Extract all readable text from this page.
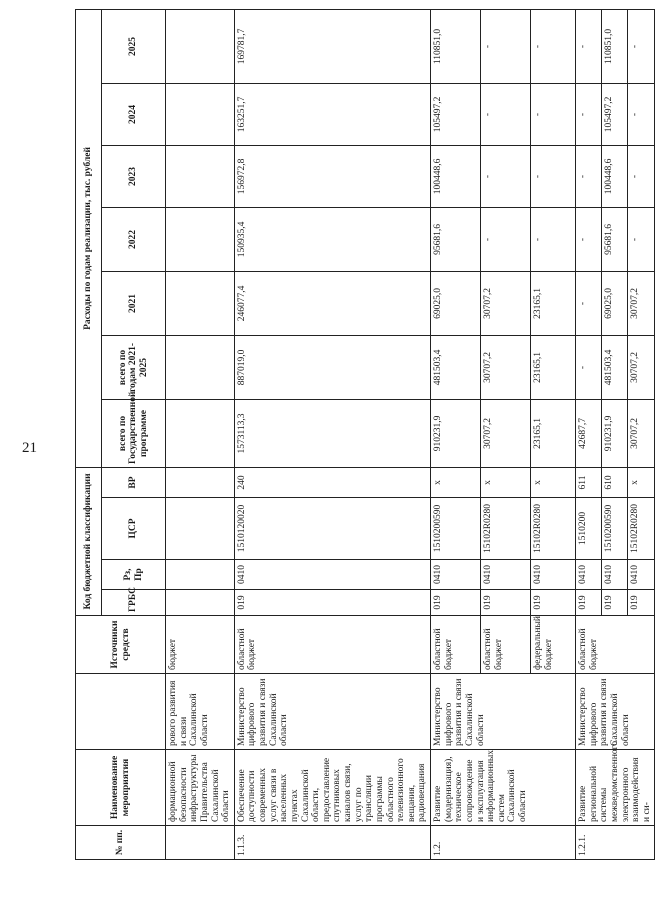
21
№ пп.	Наименование мероприятия		Источники средств	Код бюджетной классификации				Расходы по годам реализации, тыс. рублей						
				ГРБС	Рз, Пр	ЦСР	ВР	всего по Государственной программе	всего по годам 2021-2025	2021	2022	2023	2024	2025
	формационной безопасности инфраструктуры Правительства Сахалинской области	рового развития и связи Сахалинской области	бюджет											
1.1.3.	Обеспечение доступности современных услуг связи в населенных пунктах Сахалинской области, предоставление спутниковых каналов связи, услуг по трансляции программы областного телевизионного вещания, радиовещания	Министерство цифрового развития и связи Сахалинской области	областной бюджет	019	0410	1510120020	240	1573113,3	887019,0	246077,4	150935,4	156972,8	163251,7	169781,7
1.2.	Развитие (модернизация), техническое сопровождение и эксплуатация информационных систем Сахалинской области	Министерство цифрового развития и связи Сахалинской области	областной бюджет	019	0410	1510200590	х	910231,9	481503,4	69025,0	95681,6	100448,6	105497,2	110851,0
			областной бюджет	019	0410	15102R0280	х	30707,2	30707,2	30707,2	-	-	-	-
			федеральный бюджет	019	0410	15102R0280	х	23165,1	23165,1	23165,1	-	-	-	-
1.2.1.	Развитие региональной системы межведомственного электронного взаимодействия и си-	Министерство цифрового развития и связи Сахалинской области	областной бюджет	019	0410	1510200	611	42687,7	-	-	-	-	-	-
				019	0410	1510200590	610	910231,9	481503,4	69025,0	95681,6	100448,6	105497,2	110851,0
				019	0410	15102R0280	х	30707,2	30707,2	30707,2	-	-	-	-
